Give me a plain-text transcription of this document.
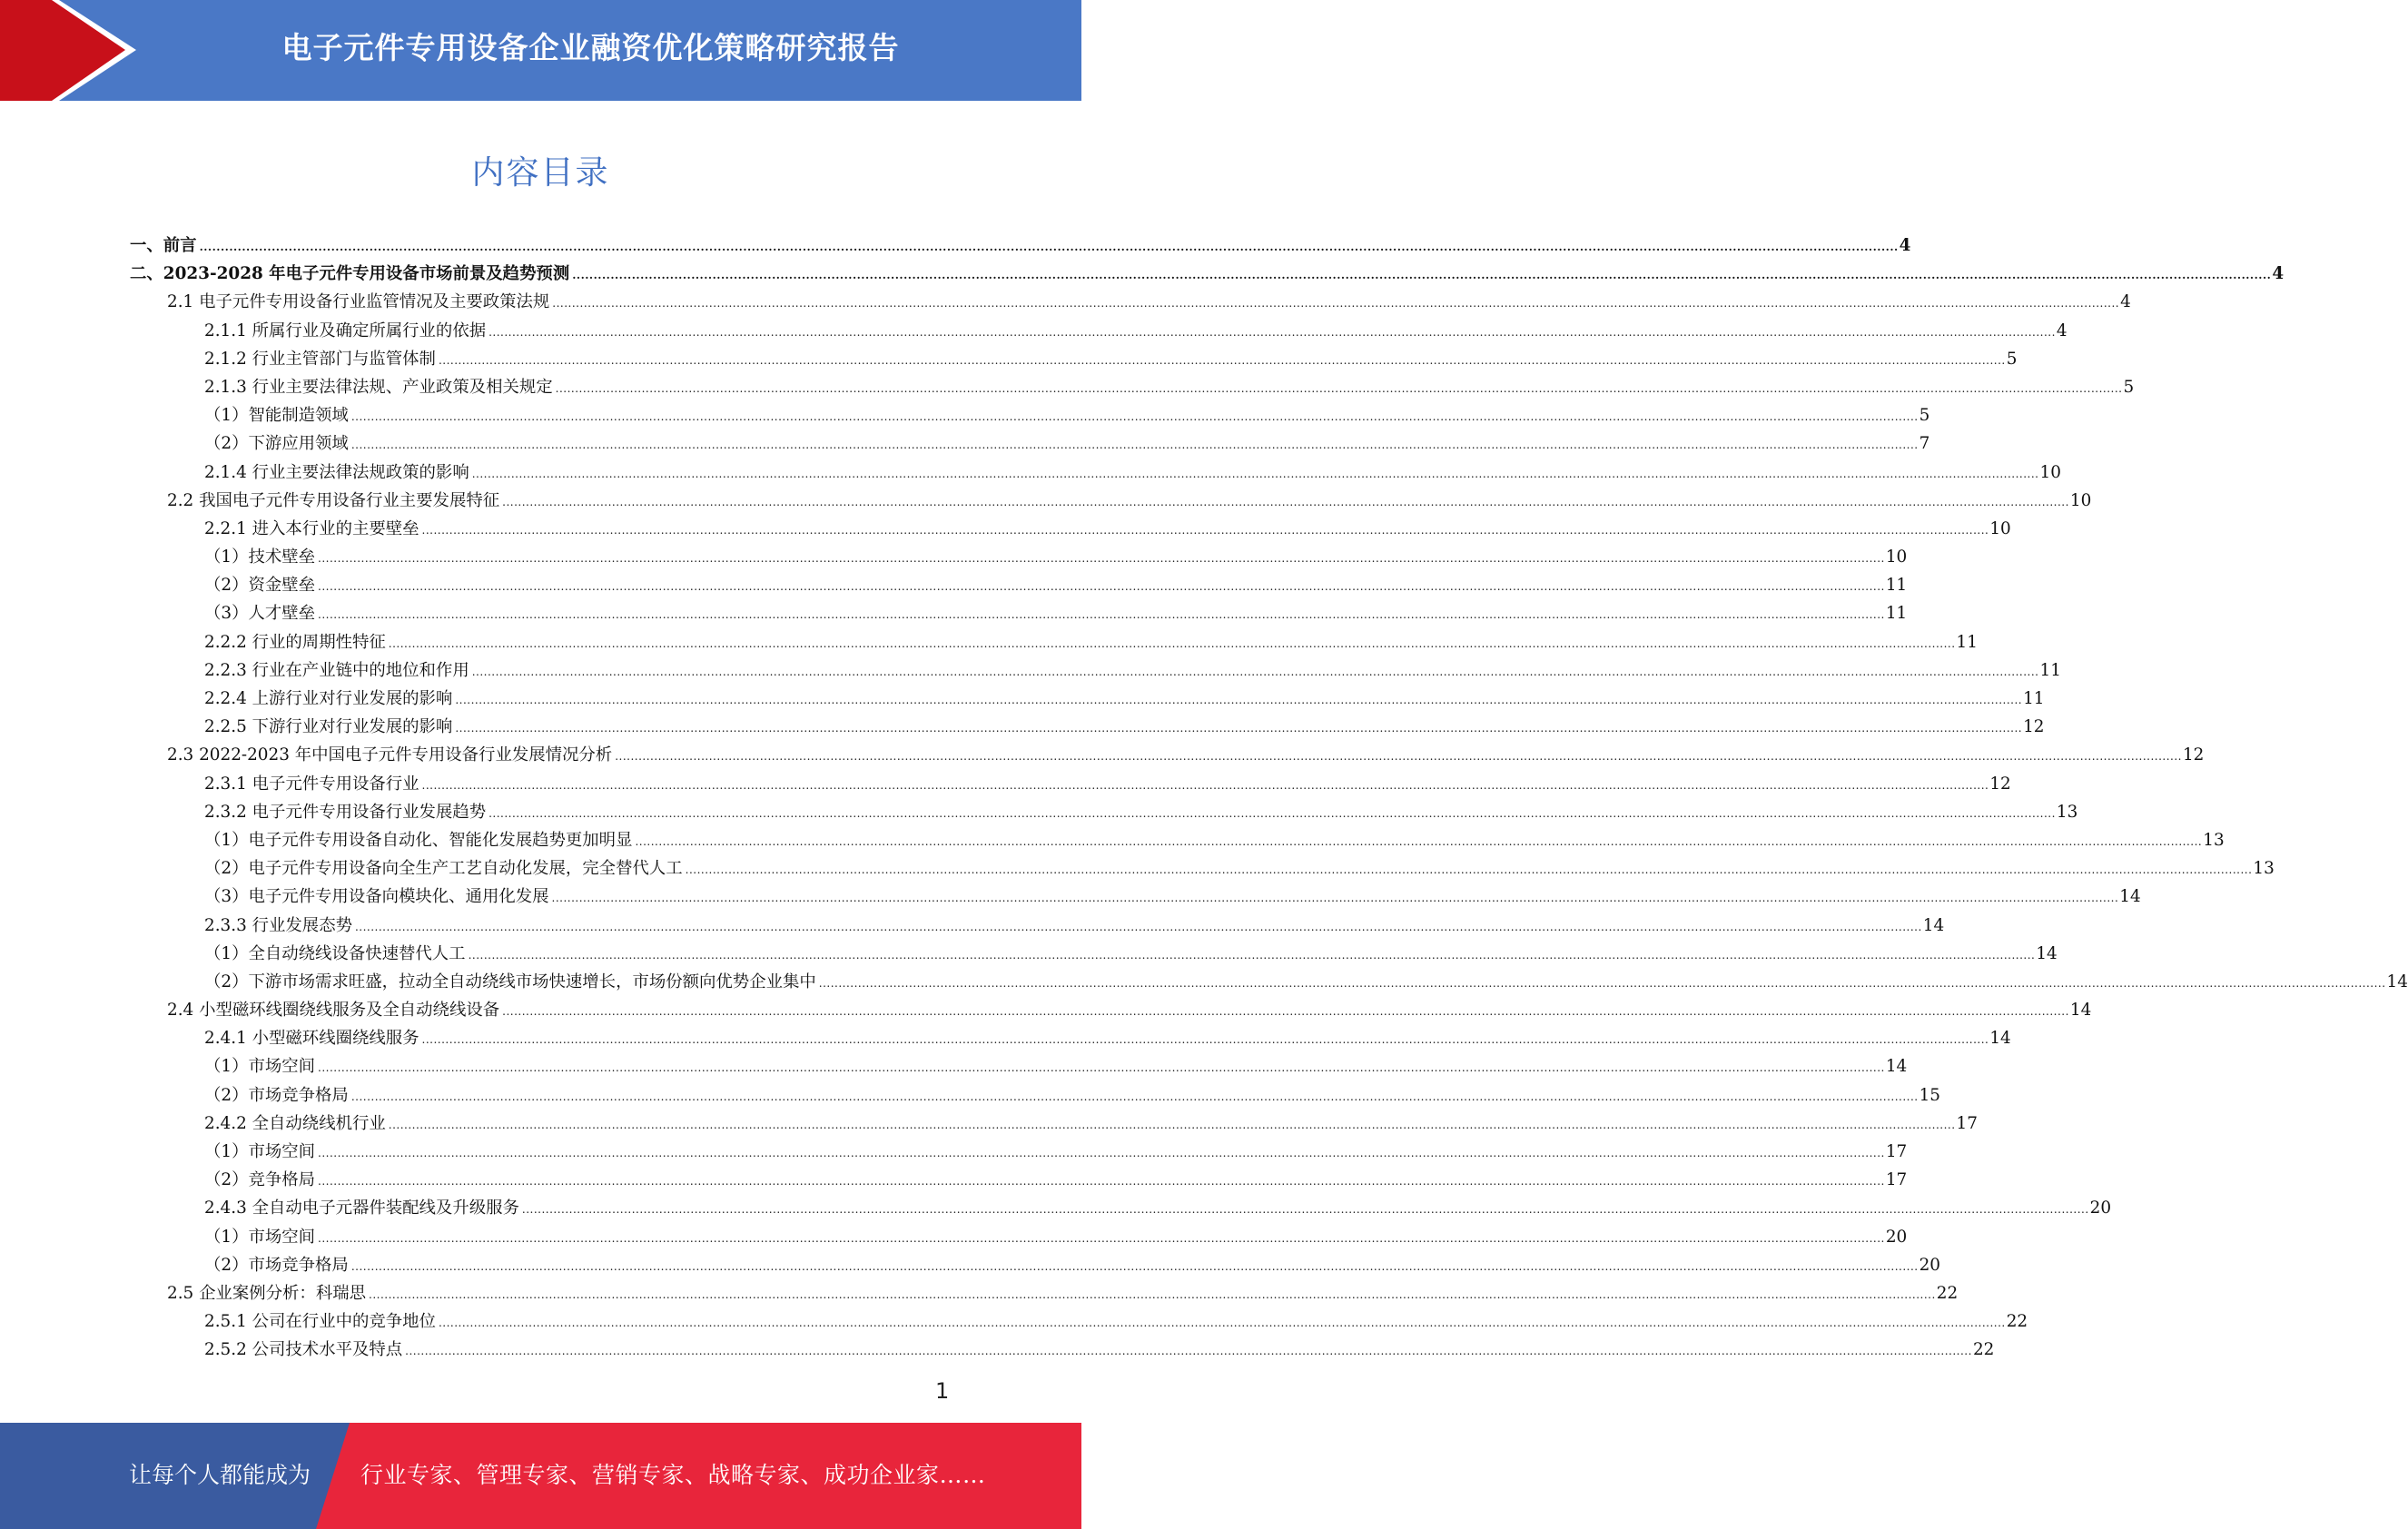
电子元件专用设备企业融资优化策略研究报告
内容目录
一、前言 ................................................................................................................................................................................................................................................................................................................................................................................................................ 4
二、2023-2028 年电子元件专用设备市场前景及趋势预测 ................................................................................................................................................................................................................................................................................................................................................................................................................ 4
2.1 电子元件专用设备行业监管情况及主要政策法规 ................................................................................................................................................................................................................................................................................................................................................................................................................ 4
2.1.1 所属行业及确定所属行业的依据 ................................................................................................................................................................................................................................................................................................................................................................................................................ 4
2.1.2 行业主管部门与监管体制 ................................................................................................................................................................................................................................................................................................................................................................................................................ 5
2.1.3 行业主要法律法规、产业政策及相关规定 ................................................................................................................................................................................................................................................................................................................................................................................................................ 5
（1）智能制造领域 ................................................................................................................................................................................................................................................................................................................................................................................................................ 5
（2）下游应用领域 ................................................................................................................................................................................................................................................................................................................................................................................................................ 7
2.1.4 行业主要法律法规政策的影响 ................................................................................................................................................................................................................................................................................................................................................................................................................ 10
2.2 我国电子元件专用设备行业主要发展特征 ................................................................................................................................................................................................................................................................................................................................................................................................................ 10
2.2.1 进入本行业的主要壁垒 ................................................................................................................................................................................................................................................................................................................................................................................................................ 10
（1）技术壁垒 ................................................................................................................................................................................................................................................................................................................................................................................................................ 10
（2）资金壁垒 ................................................................................................................................................................................................................................................................................................................................................................................................................ 11
（3）人才壁垒 ................................................................................................................................................................................................................................................................................................................................................................................................................ 11
2.2.2 行业的周期性特征 ................................................................................................................................................................................................................................................................................................................................................................................................................ 11
2.2.3 行业在产业链中的地位和作用 ................................................................................................................................................................................................................................................................................................................................................................................................................ 11
2.2.4 上游行业对行业发展的影响 ................................................................................................................................................................................................................................................................................................................................................................................................................ 11
2.2.5 下游行业对行业发展的影响 ................................................................................................................................................................................................................................................................................................................................................................................................................ 12
2.3 2022-2023 年中国电子元件专用设备行业发展情况分析 ................................................................................................................................................................................................................................................................................................................................................................................................................ 12
2.3.1 电子元件专用设备行业 ................................................................................................................................................................................................................................................................................................................................................................................................................ 12
2.3.2 电子元件专用设备行业发展趋势 ................................................................................................................................................................................................................................................................................................................................................................................................................ 13
（1）电子元件专用设备自动化、智能化发展趋势更加明显 ................................................................................................................................................................................................................................................................................................................................................................................................................ 13
（2）电子元件专用设备向全生产工艺自动化发展，完全替代人工 ................................................................................................................................................................................................................................................................................................................................................................................................................ 13
（3）电子元件专用设备向模块化、通用化发展 ................................................................................................................................................................................................................................................................................................................................................................................................................ 14
2.3.3 行业发展态势 ................................................................................................................................................................................................................................................................................................................................................................................................................ 14
（1）全自动绕线设备快速替代人工 ................................................................................................................................................................................................................................................................................................................................................................................................................ 14
（2）下游市场需求旺盛，拉动全自动绕线市场快速增长，市场份额向优势企业集中 ................................................................................................................................................................................................................................................................................................................................................................................................................ 14
2.4 小型磁环线圈绕线服务及全自动绕线设备 ................................................................................................................................................................................................................................................................................................................................................................................................................ 14
2.4.1 小型磁环线圈绕线服务 ................................................................................................................................................................................................................................................................................................................................................................................................................ 14
（1）市场空间 ................................................................................................................................................................................................................................................................................................................................................................................................................ 14
（2）市场竞争格局 ................................................................................................................................................................................................................................................................................................................................................................................................................ 15
2.4.2 全自动绕线机行业 ................................................................................................................................................................................................................................................................................................................................................................................................................ 17
（1）市场空间 ................................................................................................................................................................................................................................................................................................................................................................................................................ 17
（2）竞争格局 ................................................................................................................................................................................................................................................................................................................................................................................................................ 17
2.4.3 全自动电子元器件装配线及升级服务 ................................................................................................................................................................................................................................................................................................................................................................................................................ 20
（1）市场空间 ................................................................................................................................................................................................................................................................................................................................................................................................................ 20
（2）市场竞争格局 ................................................................................................................................................................................................................................................................................................................................................................................................................ 20
2.5 企业案例分析：科瑞思 ................................................................................................................................................................................................................................................................................................................................................................................................................ 22
2.5.1 公司在行业中的竞争地位 ................................................................................................................................................................................................................................................................................................................................................................................................................ 22
2.5.2 公司技术水平及特点 ................................................................................................................................................................................................................................................................................................................................................................................................................ 22
1
让每个人都能成为 行业专家、管理专家、营销专家、战略专家、成功企业家……
